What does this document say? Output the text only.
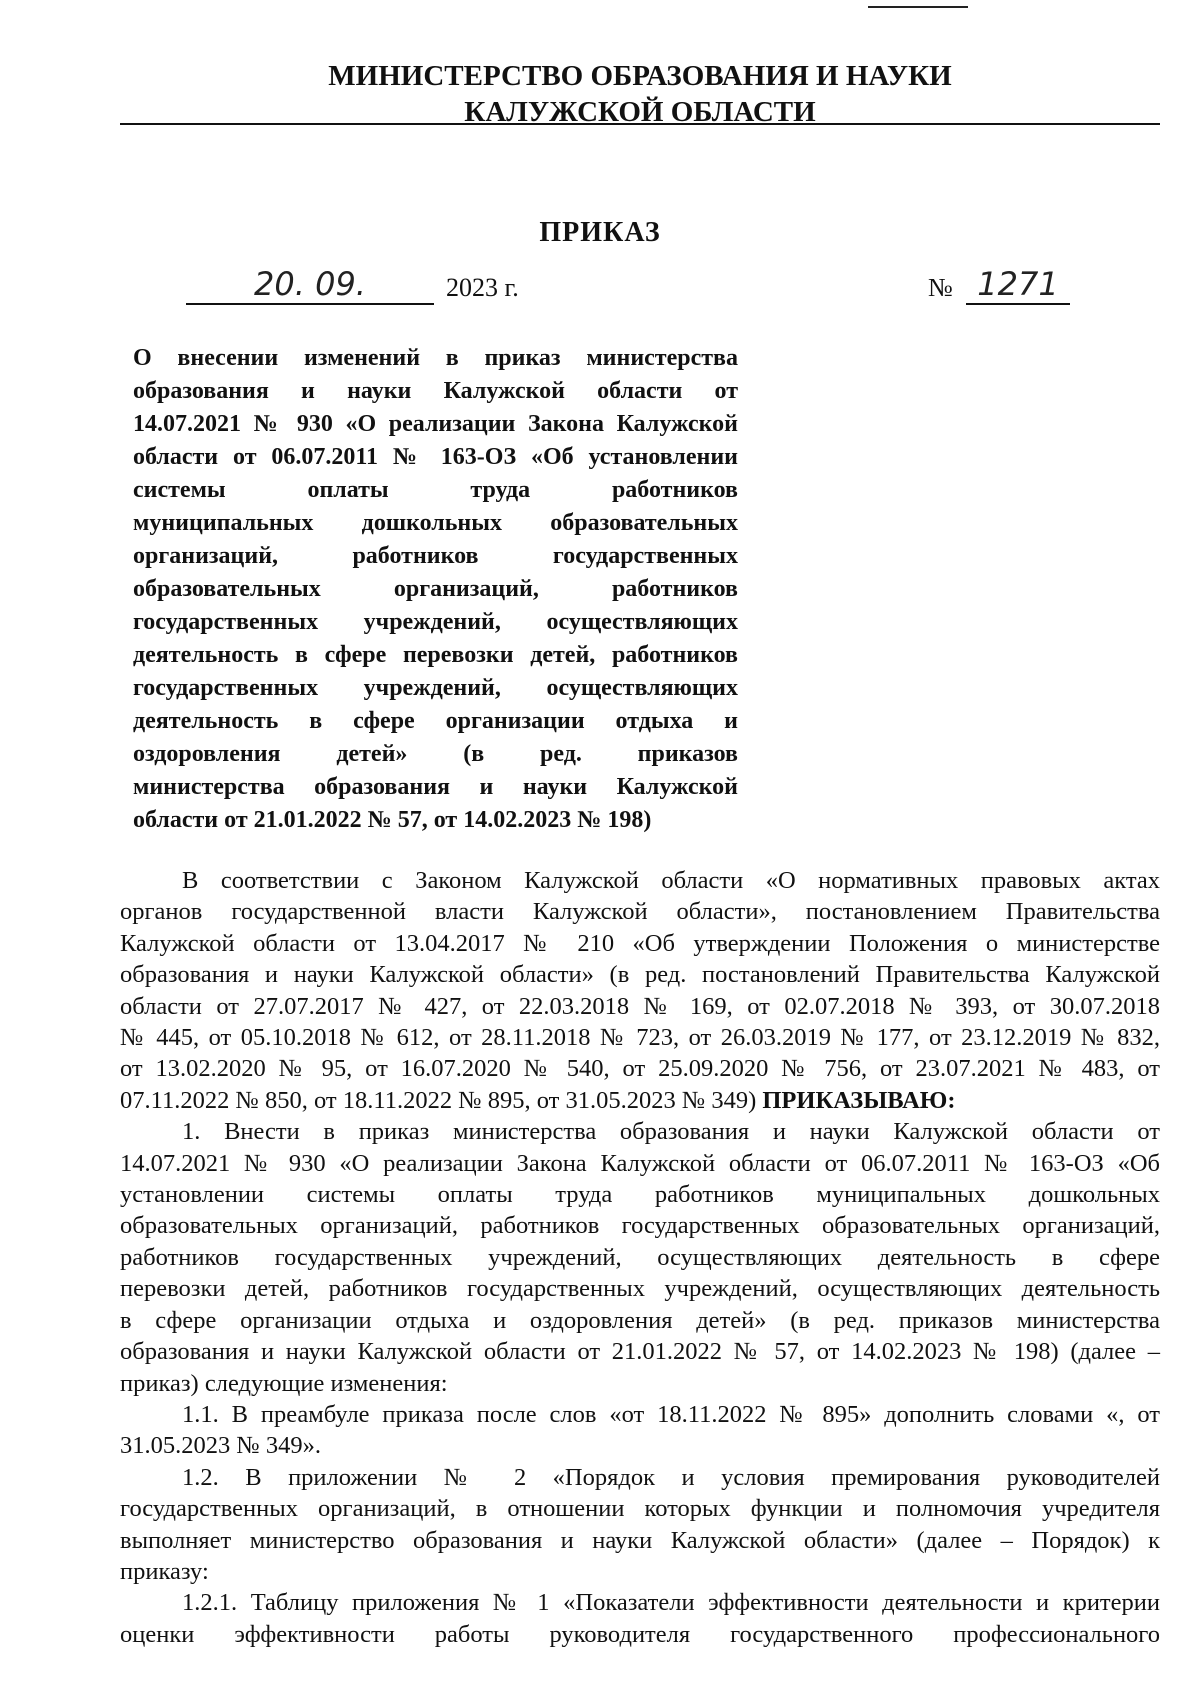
МИНИСТЕРСТВО ОБРАЗОВАНИЯ И НАУКИ
КАЛУЖСКОЙ ОБЛАСТИ
ПРИКАЗ
20. 09.	2023 г.	№ 1271
О внесении изменений в приказ министерства
образования и науки Калужской области от
14.07.2021 № 930 «О реализации Закона Калужской
области от 06.07.2011 № 163-ОЗ «Об установлении
системы оплаты труда работников
муниципальных дошкольных образовательных
организаций, работников государственных
образовательных организаций, работников
государственных учреждений, осуществляющих
деятельность в сфере перевозки детей, работников
государственных учреждений, осуществляющих
деятельность в сфере организации отдыха и
оздоровления детей» (в ред. приказов
министерства образования и науки Калужской
области от 21.01.2022 № 57, от 14.02.2023 № 198)
В соответствии с Законом Калужской области «О нормативных правовых актах
органов государственной власти Калужской области», постановлением Правительства
Калужской области от 13.04.2017 № 210 «Об утверждении Положения о министерстве
образования и науки Калужской области» (в ред. постановлений Правительства Калужской
области от 27.07.2017 № 427, от 22.03.2018 № 169, от 02.07.2018 № 393, от 30.07.2018
№ 445, от 05.10.2018 № 612, от 28.11.2018 № 723, от 26.03.2019 № 177, от 23.12.2019 № 832,
от 13.02.2020 № 95, от 16.07.2020 № 540, от 25.09.2020 № 756, от 23.07.2021 № 483, от
07.11.2022 № 850, от 18.11.2022 № 895, от 31.05.2023 № 349) ПРИКАЗЫВАЮ:
1. Внести в приказ министерства образования и науки Калужской области от
14.07.2021 № 930 «О реализации Закона Калужской области от 06.07.2011 № 163-ОЗ «Об
установлении системы оплаты труда работников муниципальных дошкольных
образовательных организаций, работников государственных образовательных организаций,
работников государственных учреждений, осуществляющих деятельность в сфере
перевозки детей, работников государственных учреждений, осуществляющих деятельность
в сфере организации отдыха и оздоровления детей» (в ред. приказов министерства
образования и науки Калужской области от 21.01.2022 № 57, от 14.02.2023 № 198) (далее –
приказ) следующие изменения:
1.1. В преамбуле приказа после слов «от 18.11.2022 № 895» дополнить словами «, от
31.05.2023 № 349».
1.2. В приложении № 2 «Порядок и условия премирования руководителей
государственных организаций, в отношении которых функции и полномочия учредителя
выполняет министерство образования и науки Калужской области» (далее – Порядок) к
приказу:
1.2.1. Таблицу приложения № 1 «Показатели эффективности деятельности и критерии
оценки эффективности работы руководителя государственного профессионального
